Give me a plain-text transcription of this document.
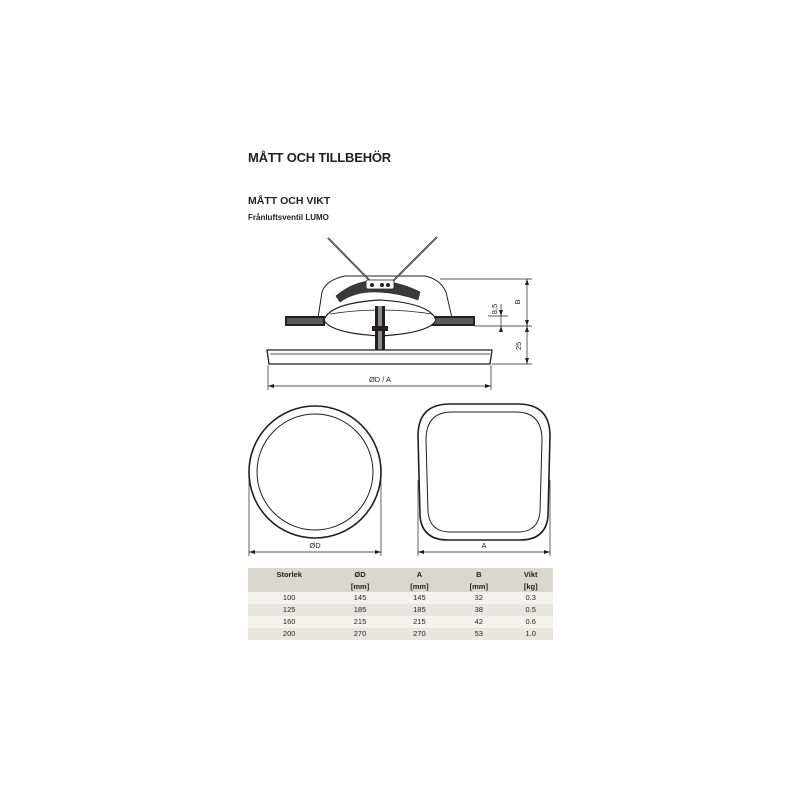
MÅTT OCH TILLBEHÖR
MÅTT OCH VIKT
Frånluftsventil LUMO
B
8,5
25
ØD / A
ØD	A
Storlek	ØD	A	B	Vikt
	[mm]	[mm]	[mm]	[kg]
100	145	145	32	0.3
125	185	185	38	0.5
160	215	215	42	0.6
200	270	270	53	1.0
